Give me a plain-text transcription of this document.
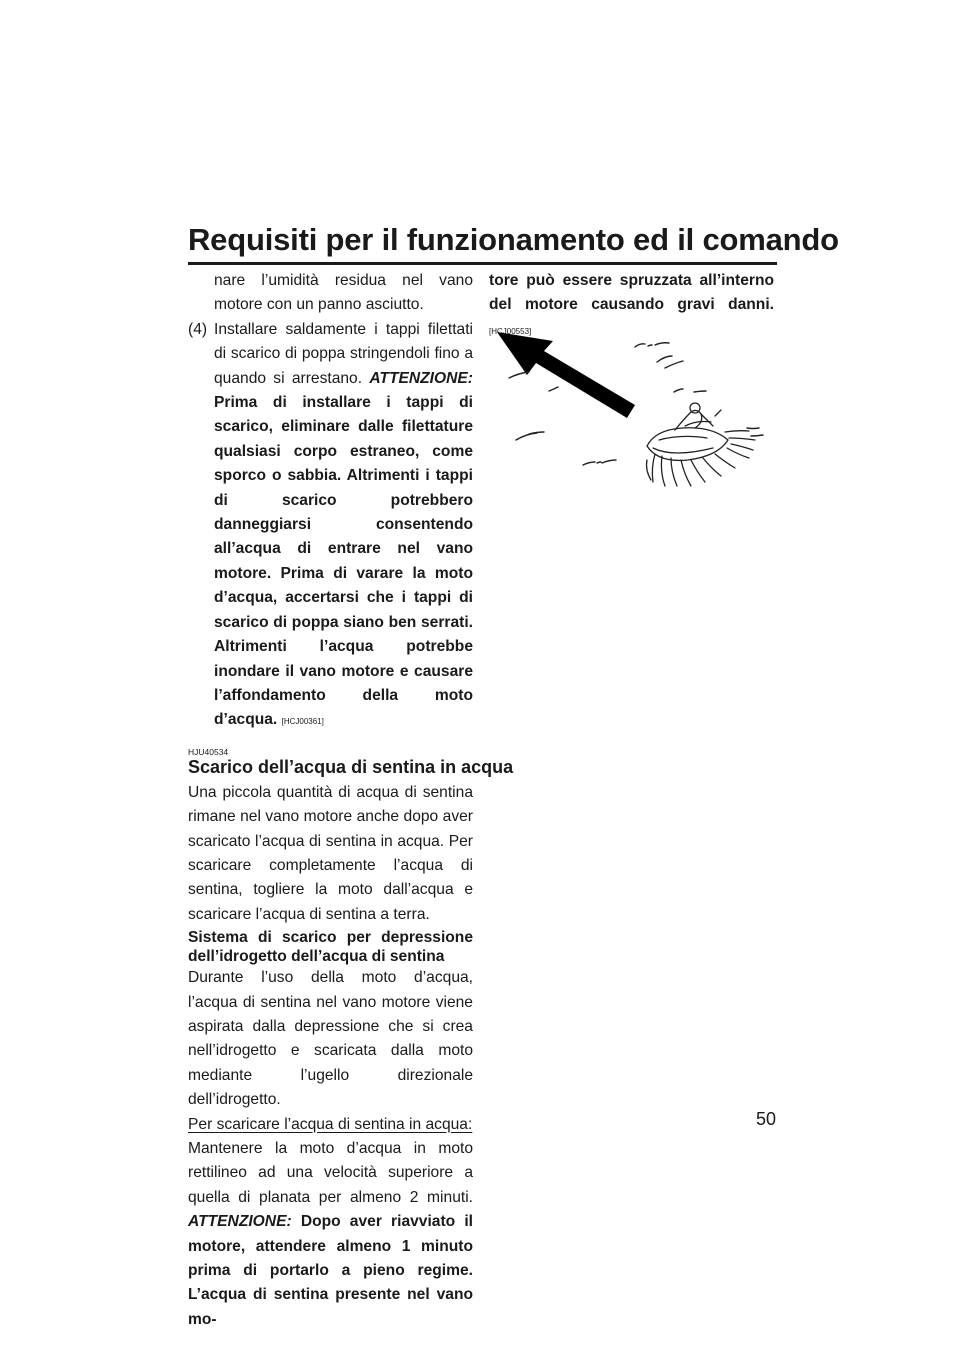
Requisiti per il funzionamento ed il comando
nare l’umidità residua nel vano motore con un panno asciutto.
(4) Installare saldamente i tappi filettati di scarico di poppa stringendoli fino a quando si arrestano. ATTENZIONE: Prima di installare i tappi di scarico, eliminare dalle filettature qualsiasi corpo estraneo, come sporco o sabbia. Altrimenti i tappi di scarico potrebbero danneggiarsi consentendo all’acqua di entrare nel vano motore. Prima di varare la moto d’acqua, accertarsi che i tappi di scarico di poppa siano ben serrati. Altrimenti l’acqua potrebbe inondare il vano motore e causare l’affondamento della moto d’acqua. [HCJ00361]
HJU40534
Scarico dell’acqua di sentina in acqua
Una piccola quantità di acqua di sentina rimane nel vano motore anche dopo aver scaricato l’acqua di sentina in acqua. Per scaricare completamente l’acqua di sentina, togliere la moto dall’acqua e scaricare l’acqua di sentina a terra.
Sistema di scarico per depressione dell’idrogetto dell’acqua di sentina
Durante l’uso della moto d’acqua, l’acqua di sentina nel vano motore viene aspirata dalla depressione che si crea nell’idrogetto e scaricata dalla moto mediante l’ugello direzionale dell’idrogetto.
Per scaricare l’acqua di sentina in acqua:
Mantenere la moto d’acqua in moto rettilineo ad una velocità superiore a quella di planata per almeno 2 minuti. ATTENZIONE: Dopo aver riavviato il motore, attendere almeno 1 minuto prima di portarlo a pieno regime. L’acqua di sentina presente nel vano mo-
tore può essere spruzzata all’interno del motore causando gravi danni. [HCJ00553]
50
